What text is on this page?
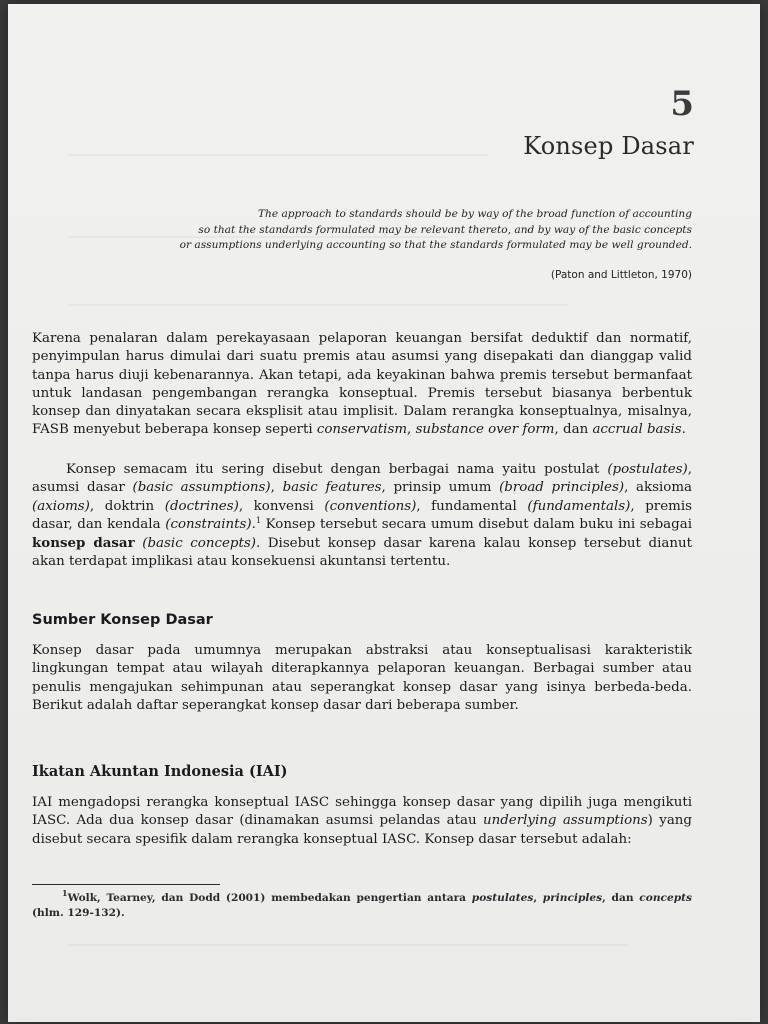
5
Konsep Dasar
The approach to standards should be by way of the broad function of accounting
so that the standards formulated may be relevant thereto, and by way of the basic concepts
or assumptions underlying accounting so that the standards formulated may be well grounded.
(Paton and Littleton, 1970)

Karena penalaran dalam perekayasaan pelaporan keuangan bersifat deduktif dan normatif, penyimpulan harus dimulai dari suatu premis atau asumsi yang disepakati dan dianggap valid tanpa harus diuji kebenarannya. Akan tetapi, ada keyakinan bahwa premis tersebut bermanfaat untuk landasan pengembangan rerangka konseptual. Premis tersebut biasanya berbentuk konsep dan dinyatakan secara eksplisit atau implisit. Dalam rerangka konseptualnya, misalnya, FASB menyebut beberapa konsep seperti conservatism, substance over form, dan accrual basis.

Konsep semacam itu sering disebut dengan berbagai nama yaitu postulat (postulates), asumsi dasar (basic assumptions), basic features, prinsip umum (broad principles), aksioma (axioms), doktrin (doctrines), konvensi (conventions), fundamental (fundamentals), premis dasar, dan kendala (constraints).$^1$ Konsep tersebut secara umum disebut dalam buku ini sebagai konsep dasar (basic concepts). Disebut konsep dasar karena kalau konsep tersebut dianut akan terdapat implikasi atau konsekuensi akuntansi tertentu.

Sumber Konsep Dasar

Konsep dasar pada umumnya merupakan abstraksi atau konseptualisasi karakteristik lingkungan tempat atau wilayah diterapkannya pelaporan keuangan. Berbagai sumber atau penulis mengajukan sehimpunan atau seperangkat konsep dasar yang isinya berbeda-beda. Berikut adalah daftar seperangkat konsep dasar dari beberapa sumber.

Ikatan Akuntan Indonesia (IAI)

IAI mengadopsi rerangka konseptual IASC sehingga konsep dasar yang dipilih juga mengikuti IASC. Ada dua konsep dasar (dinamakan asumsi pelandas atau underlying assumptions) yang disebut secara spesifik dalam rerangka konseptual IASC. Konsep dasar tersebut adalah:

$^1$Wolk, Tearney, dan Dodd (2001) membedakan pengertian antara postulates, principles, dan concepts (hlm. 129-132).
